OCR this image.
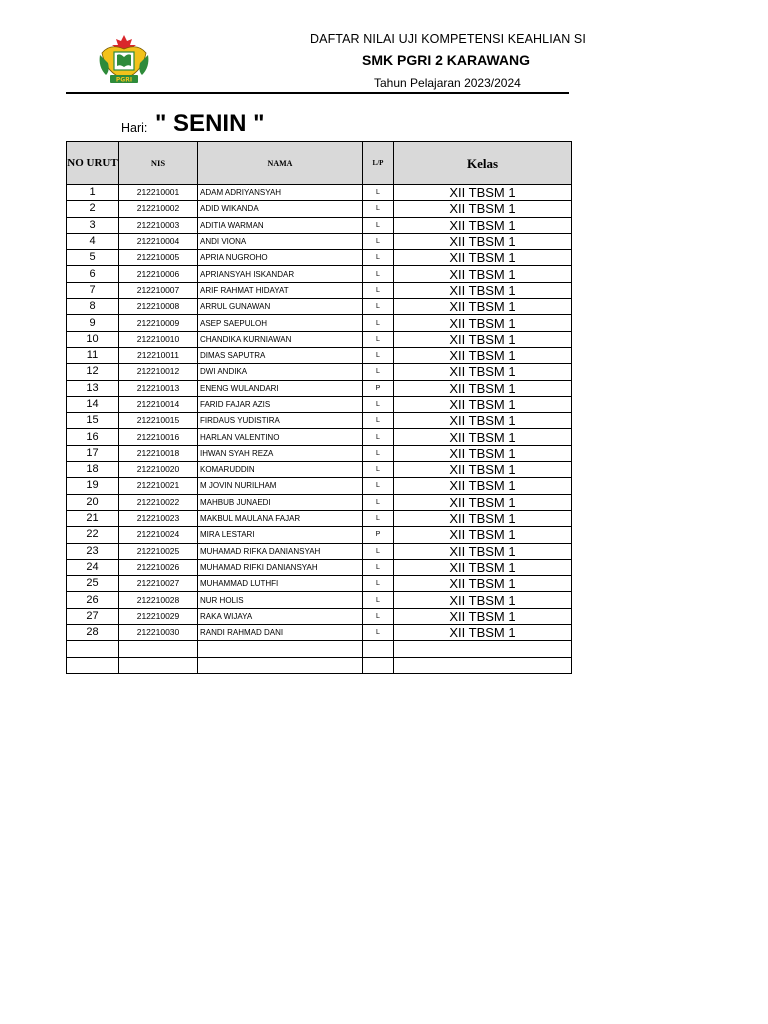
PGRI
DAFTAR NILAI UJI KOMPETENSI KEAHLIAN SI
SMK PGRI 2 KARAWANG
Tahun Pelajaran 2023/2024
Hari: " SENIN "
NO URUT	NIS	NAMA	L/P	Kelas
1	212210001	ADAM ADRIYANSYAH	L	XII TBSM 1
2	212210002	ADID WIKANDA	L	XII TBSM 1
3	212210003	ADITIA WARMAN	L	XII TBSM 1
4	212210004	ANDI VIONA	L	XII TBSM 1
5	212210005	APRIA NUGROHO	L	XII TBSM 1
6	212210006	APRIANSYAH ISKANDAR	L	XII TBSM 1
7	212210007	ARIF RAHMAT HIDAYAT	L	XII TBSM 1
8	212210008	ARRUL GUNAWAN	L	XII TBSM 1
9	212210009	ASEP SAEPULOH	L	XII TBSM 1
10	212210010	CHANDIKA KURNIAWAN	L	XII TBSM 1
11	212210011	DIMAS SAPUTRA	L	XII TBSM 1
12	212210012	DWI ANDIKA	L	XII TBSM 1
13	212210013	ENENG WULANDARI	P	XII TBSM 1
14	212210014	FARID FAJAR AZIS	L	XII TBSM 1
15	212210015	FIRDAUS YUDISTIRA	L	XII TBSM 1
16	212210016	HARLAN VALENTINO	L	XII TBSM 1
17	212210018	IHWAN SYAH REZA	L	XII TBSM 1
18	212210020	KOMARUDDIN	L	XII TBSM 1
19	212210021	M JOVIN NURILHAM	L	XII TBSM 1
20	212210022	MAHBUB JUNAEDI	L	XII TBSM 1
21	212210023	MAKBUL MAULANA FAJAR	L	XII TBSM 1
22	212210024	MIRA LESTARI	P	XII TBSM 1
23	212210025	MUHAMAD RIFKA DANIANSYAH	L	XII TBSM 1
24	212210026	MUHAMAD RIFKI DANIANSYAH	L	XII TBSM 1
25	212210027	MUHAMMAD LUTHFI	L	XII TBSM 1
26	212210028	NUR HOLIS	L	XII TBSM 1
27	212210029	RAKA WIJAYA	L	XII TBSM 1
28	212210030	RANDI RAHMAD DANI	L	XII TBSM 1
